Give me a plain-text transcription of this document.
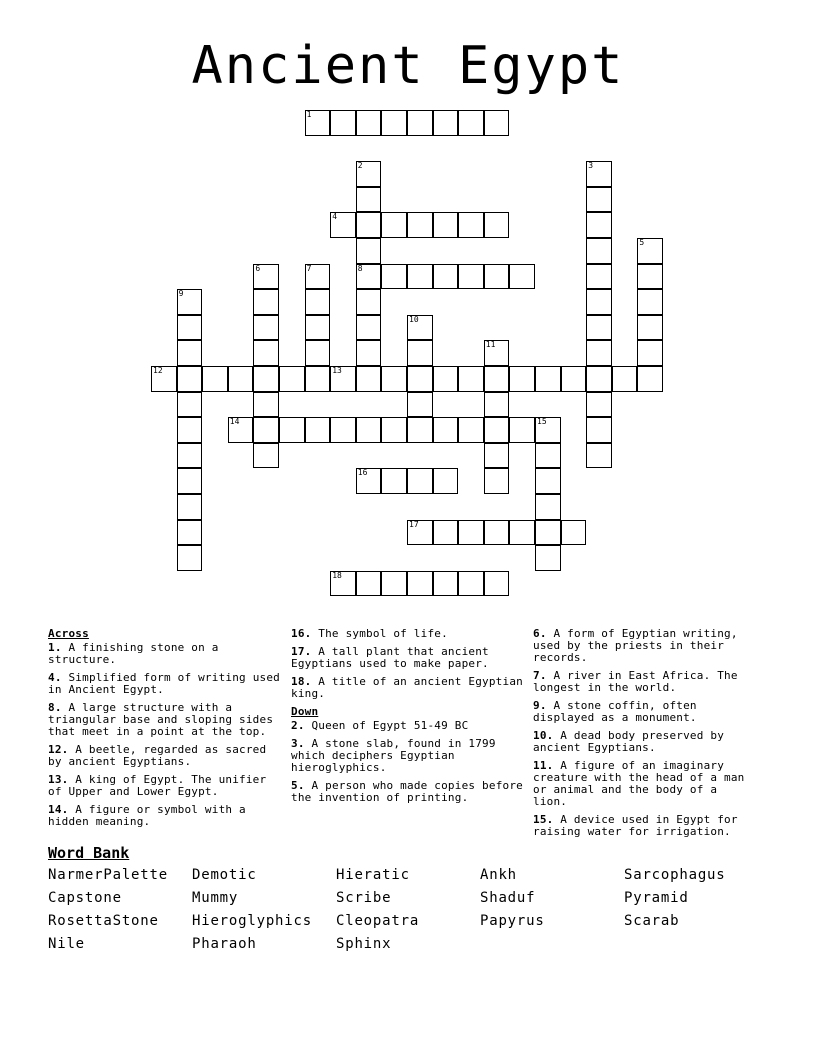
Ancient Egypt
1
2
8
3
4
5
6	7
9
10
11
12	13
14	15
16
17
18
Across
1. A finishing stone on a structure.
4. Simplified form of writing used in Ancient Egypt.
8. A large structure with a triangular base and sloping sides that meet in a point at the top.
12. A beetle, regarded as sacred by ancient Egyptians.
13. A king of Egypt. The unifier of Upper and Lower Egypt.
14. A figure or symbol with a hidden meaning.
16. The symbol of life.
17. A tall plant that ancient Egyptians used to make paper.
18. A title of an ancient Egyptian king.
Down
2. Queen of Egypt 51-49 BC
3. A stone slab, found in 1799 which deciphers Egyptian hieroglyphics.
5. A person who made copies before the invention of printing.
6. A form of Egyptian writing, used by the priests in their records.
7. A river in East Africa. The longest in the world.
9. A stone coffin, often displayed as a monument.
10. A dead body preserved by ancient Egyptians.
11. A figure of an imaginary creature with the head of a man or animal and the body of a lion.
15. A device used in Egypt for raising water for irrigation.
Word Bank
NarmerPalette	Demotic	Hieratic	Ankh	Sarcophagus
Capstone	Mummy	Scribe	Shaduf	Pyramid
RosettaStone	Hieroglyphics	Cleopatra	Papyrus	Scarab
Nile	Pharaoh	Sphinx
